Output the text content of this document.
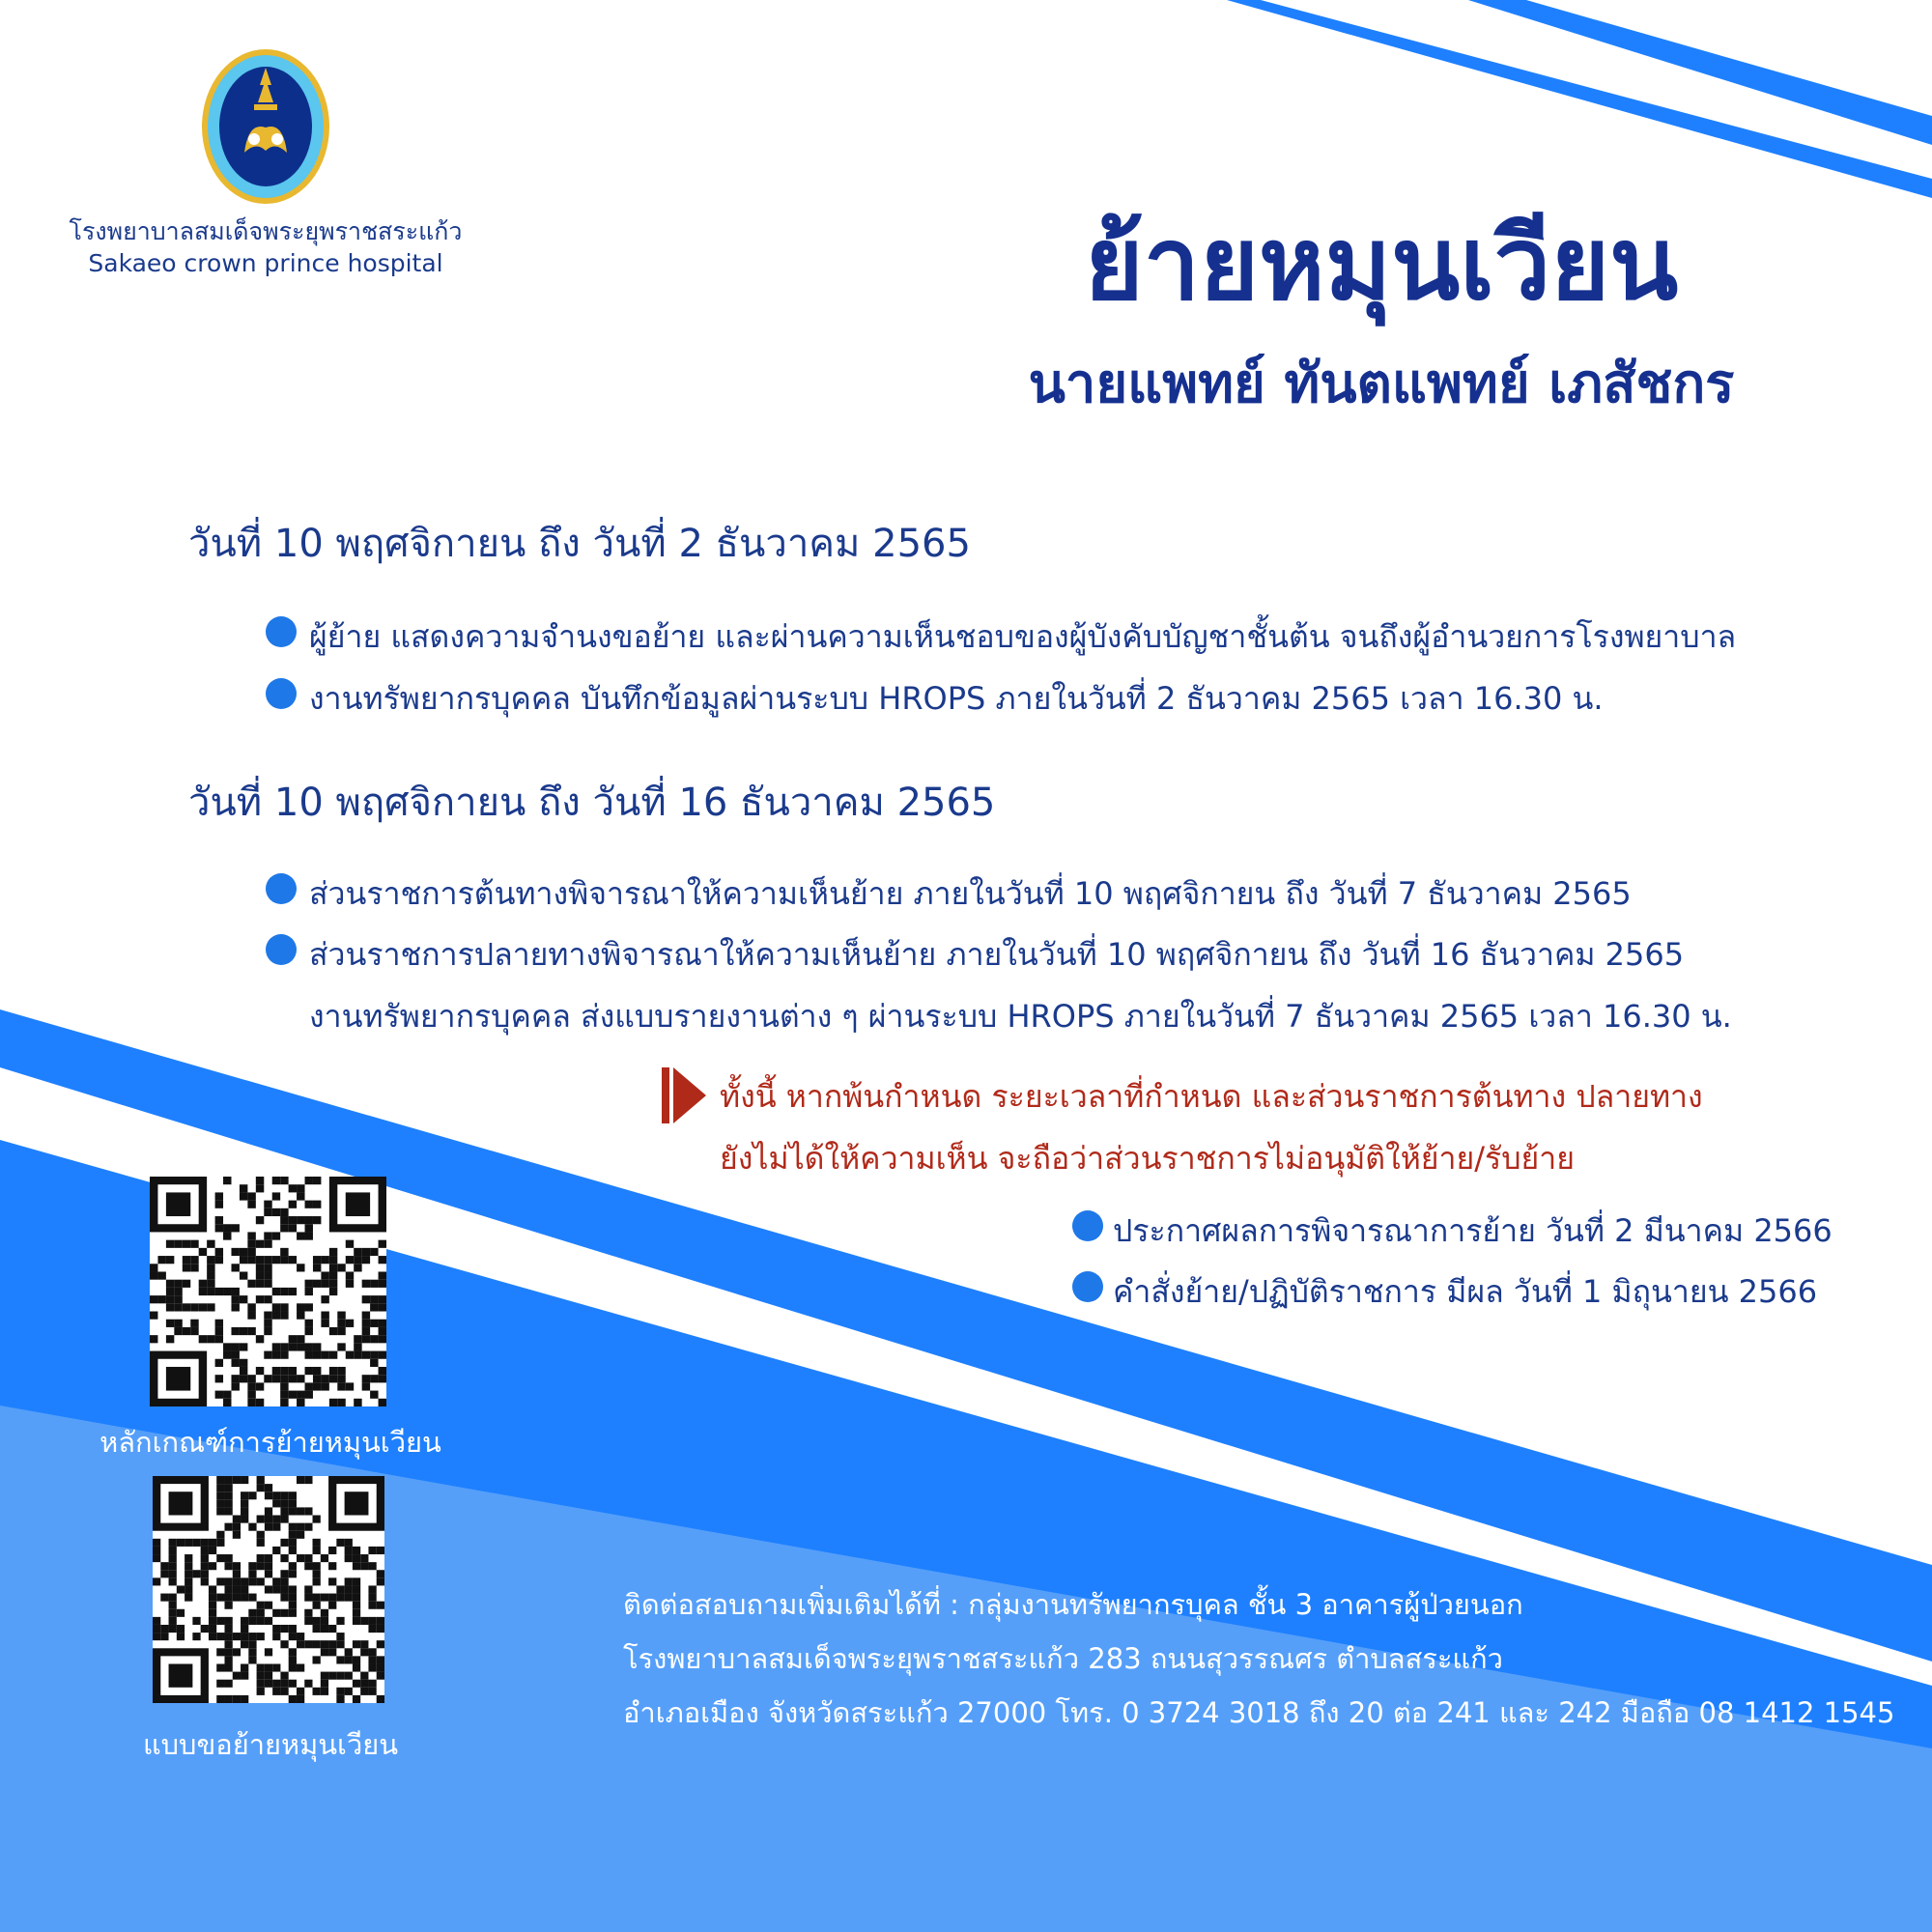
โรงพยาบาลสมเด็จพระยุพราชสระแก้ว
Sakaeo crown prince hospital	ย้ายหมุนเวียน
นายแพทย์ ทันตแพทย์ เภสัชกร
วันที่ 10 พฤศจิกายน ถึง วันที่ 2 ธันวาคม 2565
ผู้ย้าย แสดงความจำนงขอย้าย และผ่านความเห็นชอบของผู้บังคับบัญชาชั้นต้น จนถึงผู้อำนวยการโรงพยาบาล
งานทรัพยากรบุคคล บันทึกข้อมูลผ่านระบบ HROPS ภายในวันที่ 2 ธันวาคม 2565 เวลา 16.30 น.
วันที่ 10 พฤศจิกายน ถึง วันที่ 16 ธันวาคม 2565
ส่วนราชการต้นทางพิจารณาให้ความเห็นย้าย ภายในวันที่ 10 พฤศจิกายน ถึง วันที่ 7 ธันวาคม 2565
ส่วนราชการปลายทางพิจารณาให้ความเห็นย้าย ภายในวันที่ 10 พฤศจิกายน ถึง วันที่ 16 ธันวาคม 2565
งานทรัพยากรบุคคล ส่งแบบรายงานต่าง ๆ ผ่านระบบ HROPS ภายในวันที่ 7 ธันวาคม 2565 เวลา 16.30 น.
ทั้งนี้ หากพ้นกำหนด ระยะเวลาที่กำหนด และส่วนราชการต้นทาง ปลายทาง
ยังไม่ได้ให้ความเห็น จะถือว่าส่วนราชการไม่อนุมัติให้ย้าย/รับย้าย
ประกาศผลการพิจารณาการย้าย วันที่ 2 มีนาคม 2566
คำสั่งย้าย/ปฏิบัติราชการ มีผล วันที่ 1 มิถุนายน 2566
หลักเกณฑ์การย้ายหมุนเวียน
แบบขอย้ายหมุนเวียน
ติดต่อสอบถามเพิ่มเติมได้ที่ : กลุ่มงานทรัพยากรบุคล ชั้น 3 อาคารผู้ป่วยนอก
โรงพยาบาลสมเด็จพระยุพราชสระแก้ว 283 ถนนสุวรรณศร ตำบลสระแก้ว
อำเภอเมือง จังหวัดสระแก้ว 27000 โทร. 0 3724 3018 ถึง 20 ต่อ 241 และ 242 มือถือ 08 1412 1545
